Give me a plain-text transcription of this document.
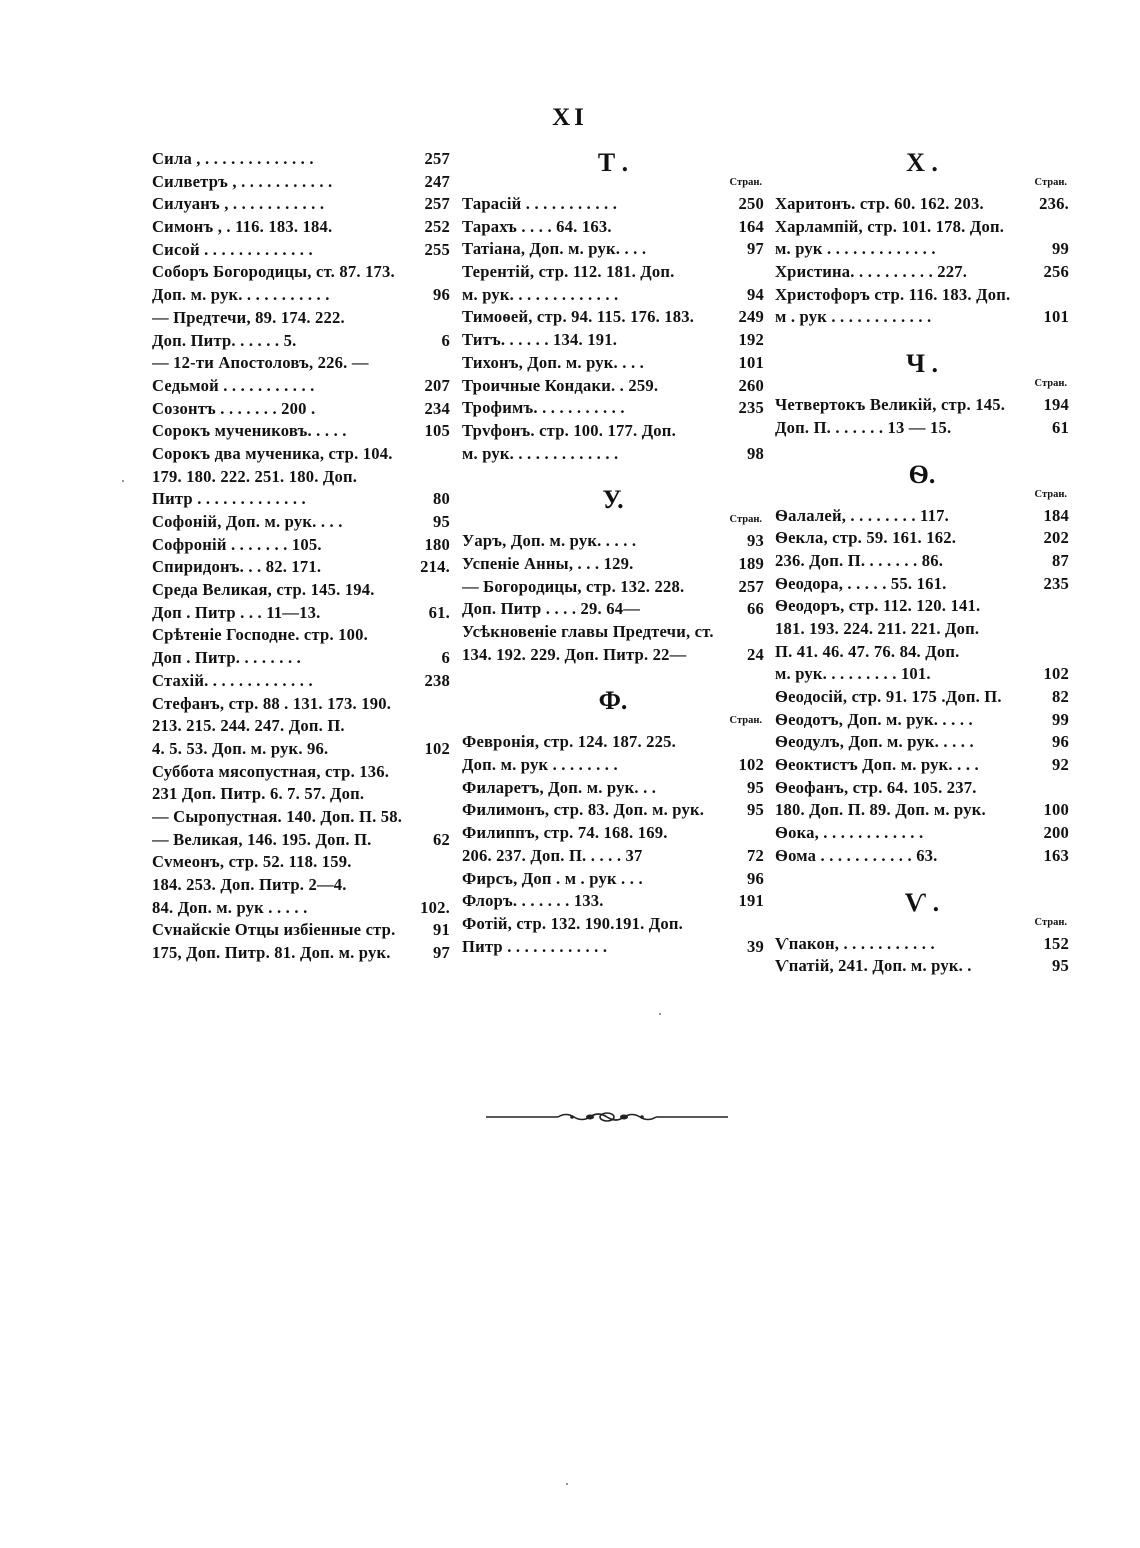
XI
Сила , . . . . . . . . . . . . .	257
Силветръ , . . . . . . . . . . .	247
Силуанъ , . . . . . . . . . . .	257
Симонъ , . 116. 183. 184.	252
Сисой . . . . . . . . . . . . .	255
Соборъ Богородицы, ст. 87. 173.
Доп. м. рук. . . . . . . . . . .	96
— Предтечи, 89. 174. 222.
Доп. Питр. . . . . . 5.	6
— 12-ти Апостоловъ, 226. —
Седьмой . . . . . . . . . . .	207
Созонтъ . . . . . . . 200 .	234
Сорокъ мучениковъ. . . . .	105
Сорокъ два мученика, стр. 104.
179. 180. 222. 251. 180. Доп.
Питр . . . . . . . . . . . . .	80
Софоній, Доп. м. рук. . . .	95
Софроній . . . . . . . 105.	180
Спиридонъ. . . 82. 171.	214.
Среда Великая, стр. 145. 194.
Доп . Питр . . . 11—13.	61.
Срѣтеніе Господне. стр. 100.
Доп . Питр. . . . . . . .	6
Стахій. . . . . . . . . . . . .	238
Стефанъ, стр. 88 . 131. 173. 190.
213. 215. 244. 247. Доп. П.
4. 5. 53. Доп. м. рук. 96.	102
Суббота мясопустная, стр. 136.
231 Доп. Питр. 6. 7. 57. Доп.
— Сыропустная. 140. Доп. П. 58.
— Великая, 146. 195. Доп. П.	62
Сvмеонъ, стр. 52. 118. 159.
184. 253. Доп. Питр. 2—4.
84. Доп. м. рук . . . . .	102.
Сvнайскіе Отцы избіенные стр.	91
175, Доп. Питр. 81. Доп. м. рук.	97
Т .
Стран.
Тарасій . . . . . . . . . . .	250
Тарахъ . . . . 64. 163.	164
Татіана, Доп. м. рук. . . .	97
Терентій, стр. 112. 181. Доп.
м. рук. . . . . . . . . . . . .	94
Тимоѳей, стр. 94. 115. 176. 183.	249
Титъ. . . . . . 134. 191.	192
Тихонъ, Доп. м. рук. . . .	101
Троичные Кондаки. . 259.	260
Трофимъ. . . . . . . . . . .	235
Трvфонъ. стр. 100. 177. Доп.
м. рук. . . . . . . . . . . . .	98
У.
Стран.
Уаръ, Доп. м. рук. . . . .	93
Успеніе Анны, . . . 129.	189
— Богородицы, стр. 132. 228.	257
Доп. Питр . . . . 29. 64—	66
Усѣкновеніе главы Предтечи, ст.
134. 192. 229. Доп. Питр. 22—	24
Ф.
Стран.
Февронія, стр. 124. 187. 225.
Доп. м. рук . . . . . . . .	102
Филаретъ, Доп. м. рук. . .	95
Филимонъ, стр. 83. Доп. м. рук.	95
Филиппъ, стр. 74. 168. 169.
206. 237. Доп. П. . . . . 37	72
Фирсъ, Доп . м . рук . . .	96
Флоръ. . . . . . . 133.	191
Фотій, стр. 132. 190.191. Доп.
Питр . . . . . . . . . . . .	39
Х .
Стран.
Харитонъ. стр. 60. 162. 203.	236.
Харлампій, стр. 101. 178. Доп.
м. рук . . . . . . . . . . . . .	99
Христина. . . . . . . . . . 227.	256
Христофоръ стр. 116. 183. Доп.
м . рук . . . . . . . . . . . .	101
Ч .
Стран.
Четвертокъ Великій, стр. 145.	194
Доп. П. . . . . . . 13 — 15.	61
Ѳ.
Стран.
Ѳалалей, . . . . . . . . 117.	184
Ѳекла, стр. 59. 161. 162.	202
236. Доп. П. . . . . . . 86.	87
Ѳеодора, . . . . . 55. 161.	235
Ѳеодоръ, стр. 112. 120. 141.
181. 193. 224. 211. 221. Доп.
П. 41. 46. 47. 76. 84. Доп.
м. рук. . . . . . . . . 101.	102
Ѳеодосій, стр. 91. 175 .Доп. П.	82
Ѳеодотъ, Доп. м. рук. . . . .	99
Ѳеодулъ, Доп. м. рук. . . . .	96
Ѳеоктистъ Доп. м. рук. . . .	92
Ѳеофанъ, стр. 64. 105. 237.
180. Доп. П. 89. Доп. м. рук.	100
Ѳока, . . . . . . . . . . . .	200
Ѳома . . . . . . . . . . . 63.	163
Ѵ .
Стран.
Ѵпакон, . . . . . . . . . . .	152
Ѵпатій, 241. Доп. м. рук. .	95
